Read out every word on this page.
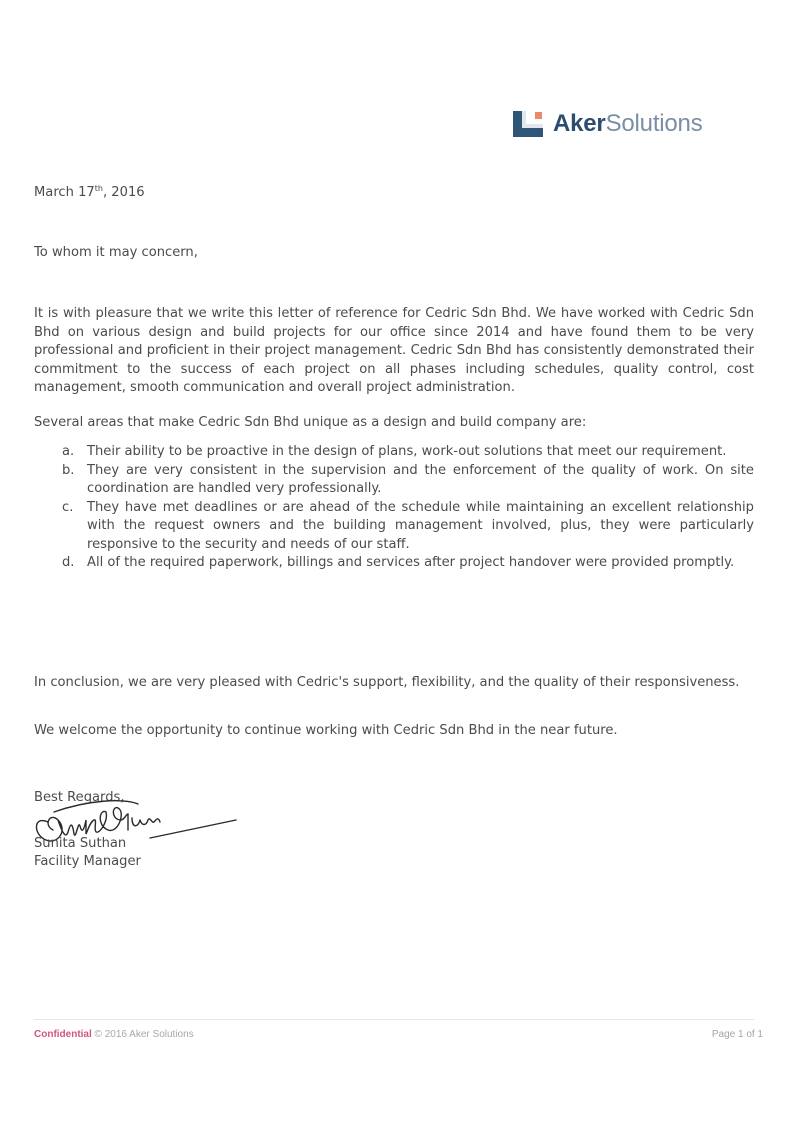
AkerSolutions
March 17th, 2016
To whom it may concern,
It is with pleasure that we write this letter of reference for Cedric Sdn Bhd. We have worked with Cedric Sdn Bhd on various design and build projects for our office since 2014 and have found them to be very professional and proficient in their project management. Cedric Sdn Bhd has consistently demonstrated their commitment to the success of each project on all phases including schedules, quality control, cost management, smooth communication and overall project administration.
Several areas that make Cedric Sdn Bhd unique as a design and build company are:
a. Their ability to be proactive in the design of plans, work-out solutions that meet our requirement.
b. They are very consistent in the supervision and the enforcement of the quality of work. On site coordination are handled very professionally.
c.	They have met deadlines or are ahead of the schedule while maintaining an excellent relationship with the request owners and the building management involved, plus, they were particularly responsive to the security and needs of our staff.
d. All of the required paperwork, billings and services after project handover were provided promptly.
In conclusion, we are very pleased with Cedric's support, flexibility, and the quality of their responsiveness.
We welcome the opportunity to continue working with Cedric Sdn Bhd in the near future.
Best Regards,
Sunita Suthan
Facility Manager
Confidential © 2016 Aker Solutions	Page 1 of 1
